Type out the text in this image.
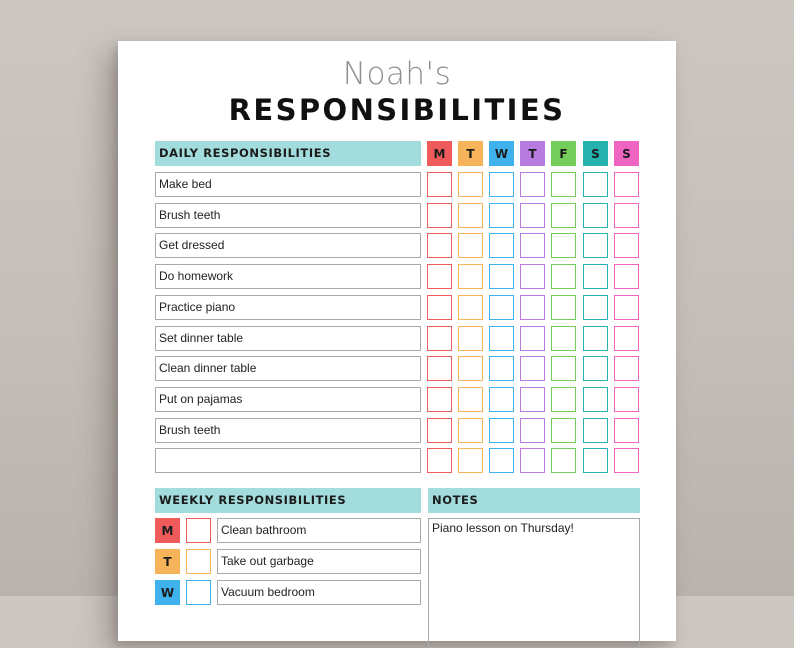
Noah's
RESPONSIBILITIES
DAILY RESPONSIBILITIES	M	T	W	T	F	S	S
Make bed
Brush teeth
Get dressed
Do homework
Practice piano
Set dinner table
Clean dinner table
Put on pajamas
Brush teeth
WEEKLY RESPONSIBILITIES
M	Clean bathroom
T	Take out garbage
W	Vacuum bedroom
NOTES
Piano lesson on Thursday!
